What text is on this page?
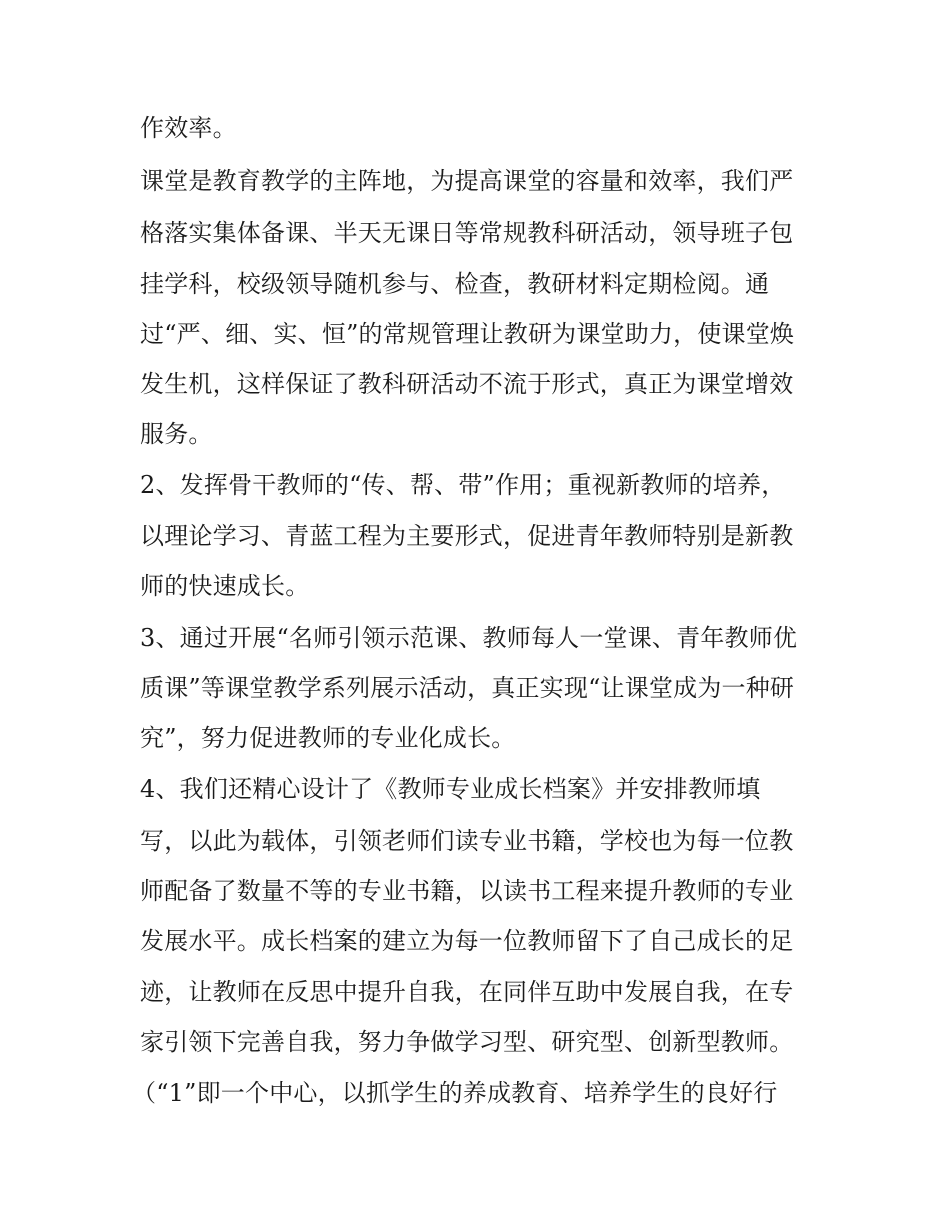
作效率。
课堂是教育教学的主阵地，为提高课堂的容量和效率，我们严
格落实集体备课、半天无课日等常规教科研活动，领导班子包
挂学科，校级领导随机参与、检查，教研材料定期检阅。通
过“严、细、实、恒”的常规管理让教研为课堂助力，使课堂焕
发生机，这样保证了教科研活动不流于形式，真正为课堂增效
服务。
2、发挥骨干教师的“传、帮、带”作用；重视新教师的培养，
以理论学习、青蓝工程为主要形式，促进青年教师特别是新教
师的快速成长。
3、通过开展“名师引领示范课、教师每人一堂课、青年教师优
质课”等课堂教学系列展示活动，真正实现“让课堂成为一种研
究”，努力促进教师的专业化成长。
4、我们还精心设计了《教师专业成长档案》并安排教师填
写，以此为载体，引领老师们读专业书籍，学校也为每一位教
师配备了数量不等的专业书籍，以读书工程来提升教师的专业
发展水平。成长档案的建立为每一位教师留下了自己成长的足
迹，让教师在反思中提升自我，在同伴互助中发展自我，在专
家引领下完善自我，努力争做学习型、研究型、创新型教师。
（“1”即一个中心，以抓学生的养成教育、培养学生的良好行
